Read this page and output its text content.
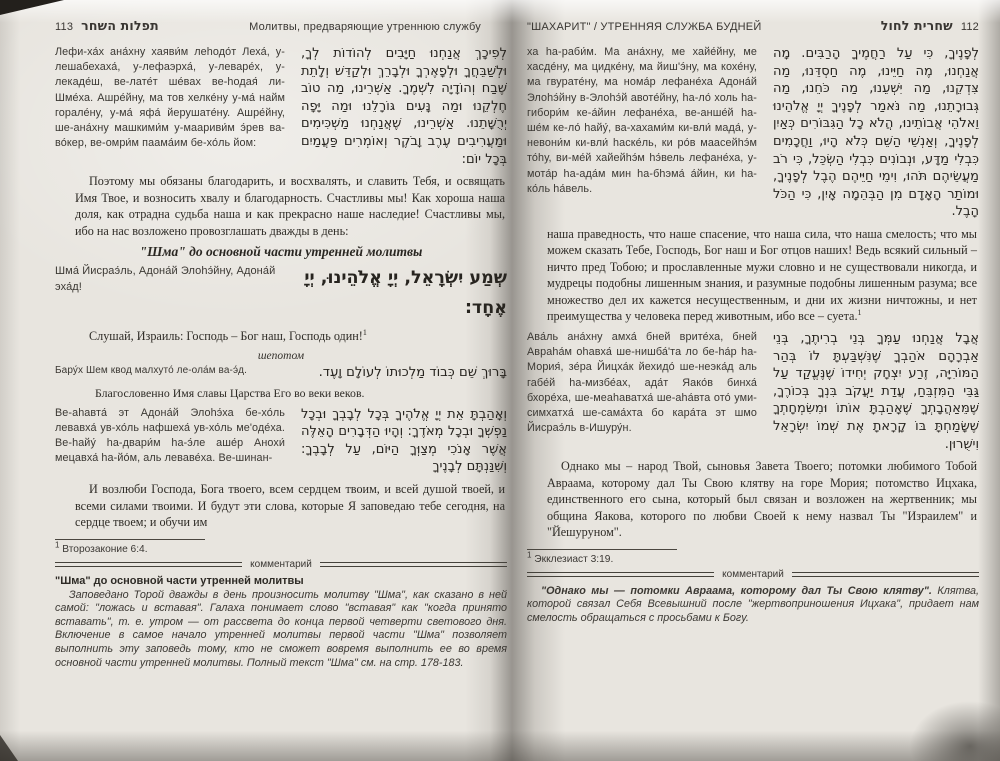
113 תפלות השחר	Молитвы, предваряющие утреннюю службу
Лефи-ха́х ана́хну хаяви́м леhодо́т Леха́, у-лешабехаха́, у-лефаэрха́, у-леваре́х, у-лекаде́ш, ве-лате́т ше́вах ве-hодая́ ли-Шме́ха. Ашре́йну, ма тов хелке́ну у-ма́ найм горале́ну, у-ма́ яфа́ йерушате́ну. Ашре́йну, ше-ана́хну машкими́м у-маариви́м э́рев ва-во́кер, ве-омри́м паама́им бе-хо́ль йом:
לְפִיכָךְ אֲנַחְנוּ חַיָּבִים לְהוֹדוֹת לְךָ, וּלְשַׁבֵּחֲךָ וּלְפָאֶרְךָ וּלְבָרֵךְ וּלְקַדֵּשׁ וְלָתֵת שֶׁבַח וְהוֹדָיָה לִשְׁמֶךָ. אַשְׁרֵינוּ, מַה טוֹב חֶלְקֵנוּ וּמַה נָּעִים גּוֹרָלֵנוּ וּמַה יָּפָה יְרֻשָּׁתֵנוּ. אַשְׁרֵינוּ, שֶׁאֲנַחְנוּ מַשְׁכִּימִים וּמַעֲרִיבִים עֶרֶב וָבֹקֶר וְאוֹמְרִים פַּעֲמַיִם בְּכָל יוֹם:

Поэтому мы обязаны благодарить, и восхвалять, и славить Тебя, и освящать Имя Твое, и возносить хвалу и благодарность. Счастливы мы! Как хороша наша доля, как отрадна судьба наша и как прекрасно наше наследие! Счастливы мы, ибо на нас возложено провозглашать дважды в день:

"Шма" до основной части утренней молитвы
Шма́ Йисраэ́ль, Адона́й Элоhэ́йну, Адона́й эха́д!	שְׁמַע יִשְׂרָאֵל, יְיָ אֱלֹהֵינוּ, יְיָ אֶחָד:

Слушай, Израиль: Господь – Бог наш, Господь один!$^1$

шепотом
Бару́х Шем квод малхуто́ ле-ола́м ва-э́д.	בָּרוּךְ שֵׁם כְּבוֹד מַלְכוּתוֹ לְעוֹלָם וָעֶד.

Благословенно Имя славы Царства Его во веки веков.

Ве-аhавта́ эт Адона́й Элоhэ́ха бе-хо́ль левавха́ ув-хо́ль нафшеха́ ув-хо́ль ме'оде́ха. Ве-hайу́ hа-двари́м hа-э́ле аше́р Анохи́ мецавха́ hа-йо́м, аль леваве́ха. Ве-шинан-
וְאָהַבְתָּ אֵת יְיָ אֱלֹהֶיךָ בְּכָל לְבָבְךָ וּבְכָל נַפְשְׁךָ וּבְכָל מְאֹדֶךָ: וְהָיוּ הַדְּבָרִים הָאֵלֶּה אֲשֶׁר אָנֹכִי מְצַוְּךָ הַיּוֹם, עַל לְבָבֶךָ: וְשִׁנַּנְתָּם לְבָנֶיךָ

И возлюби Господа, Бога твоего, всем сердцем твоим, и всей душой твоей, и всеми силами твоими. И будут эти слова, которые Я заповедаю тебе сегодня, на сердце твоем; и обучи им

$^1$ Второзаконие 6:4.
комментарий
"Шма" до основной части утренней молитвы

Заповедано Торой дважды в день произносить молитву "Шма", как сказано в ней самой: "ложась и вставая". Галаха понимает слово "вставая" как "когда принято вставать", т. е. утром — от рассвета до конца первой четверти светового дня. Включение в самое начало утренней молитвы первой части "Шма" позволяет выполнить эту заповедь тому, кто не сможет вовремя выполнить ее во время основной части утренней молитвы. Полный текст "Шма" см. на стр. 178-183.

"ШАХАРИТ" / УТРЕННЯЯ СЛУЖБА БУДНЕЙ	שחרית לחול 112
ха hа-раби́м. Ма ана́хну, ме хайе́йну, ме хасде́ну, ма цидке́ну, ма йиш'э́ну, ма кохе́ну, ма гвурате́ну, ма нома́р лефане́ха Адона́й Элоhэ́йну в-Элоhэ́й авоте́йну, hа-ло́ холь hа-гибори́м ке-а́йин лефане́ха, ве-анше́й hа-ше́м ке-ло́ hайу́, ва-хахами́м ки-вли́ мада́, у-невони́м ки-вли́ hаске́ль, ки ро́в маасейhэ́м то́hу, ви-ме́й хайейhэ́м hэ́вель лефане́ха, у-мота́р hа-ада́м мин hа-бhэма́ а́йин, ки hа-ко́ль hа́вель.
לְפָנֶיךָ, כִּי עַל רַחֲמֶיךָ הָרַבִּים. מָה אֲנַחְנוּ, מֶה חַיֵּינוּ, מֶה חַסְדֵּנוּ, מַה צִּדְקֵנוּ, מַה יִּשְׁעֵנוּ, מַה כֹּחֵנוּ, מַה גְּבוּרָתֵנוּ, מַה נֹּאמַר לְפָנֶיךָ יְיָ אֱלֹהֵינוּ וֵאלֹהֵי אֲבוֹתֵינוּ, הֲלֹא כָל הַגִּבּוֹרִים כְּאַיִן לְפָנֶיךָ, וְאַנְשֵׁי הַשֵּׁם כְּלֹא הָיוּ, וַחֲכָמִים כִּבְלִי מַדָּע, וּנְבוֹנִים כִּבְלִי הַשְׂכֵּל, כִּי רֹב מַעֲשֵׂיהֶם תֹּהוּ, וִימֵי חַיֵּיהֶם הֶבֶל לְפָנֶיךָ, וּמוֹתַר הָאָדָם מִן הַבְּהֵמָה אָיִן, כִּי הַכֹּל הָבֶל.

наша праведность, что наше спасение, что наша сила, что наша смелость; что мы можем сказать Тебе, Господь, Бог наш и Бог отцов наших! Ведь всякий сильный – ничто пред Тобою; и прославленные мужи словно и не существовали никогда, и мудрецы подобны лишенным знания, и разумные подобны лишенным разума; все множество дел их кажется несущественным, и дни их жизни ничтожны, и нет преимущества у человека перед животным, ибо все – суета.$^1$

Ава́ль ана́хну амха́ бней врите́ха, бней Авраhа́м оhавха́ ше-нишба́'та ло бе-hа́р hа-Мория́, зе́ра Йицха́к йехидо́ ше-неэка́д аль габе́й hа-мизбе́ах, ада́т Яако́в бинха́ бхоре́ха, ше-меаhаватха́ ше-аhа́вта ото́ уми-симхатха́ ше-сама́хта бо кара́та эт шмо Йисраэ́ль в-Ишуру́н.
אֲבָל אֲנַחְנוּ עַמְּךָ בְּנֵי בְרִיתֶךָ, בְּנֵי אַבְרָהָם אֹהַבְךָ שֶׁנִּשְׁבַּעְתָּ לוֹ בְּהַר הַמּוֹרִיָּה, זֶרַע יִצְחָק יְחִידוֹ שֶׁנֶּעֱקַד עַל גַּבֵּי הַמִּזְבֵּחַ, עֲדַת יַעֲקֹב בִּנְךָ בְּכוֹרֶךָ, שֶׁמֵּאַהֲבָתְךָ שֶׁאָהַבְתָּ אוֹתוֹ וּמִשִּׂמְחָתְךָ שֶׁשָּׂמַחְתָּ בּוֹ קָרָאתָ אֶת שְׁמוֹ יִשְׂרָאֵל וִישֻׁרוּן.

Однако мы – народ Твой, сыновья Завета Твоего; потомки любимого Тобой Авраама, которому дал Ты Свою клятву на горе Мория; потомство Ицхака, единственного его сына, который был связан и возложен на жертвенник; мы община Яакова, которого по любви Своей к нему назвал Ты "Израилем" и "Йешуруном".

$^1$ Экклезиаст 3:19.
комментарий

"Однако мы — потомки Авраама, которому дал Ты Свою клятву". Клятва, которой связал Себя Всевышний после "жертвоприношения Ицхака", придает нам смелость обращаться с просьбами к Богу.
